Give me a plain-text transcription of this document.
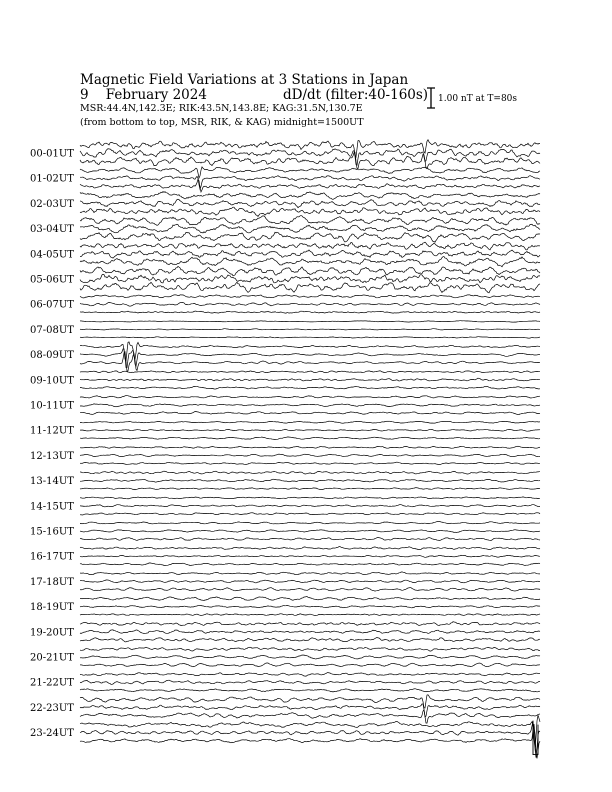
Magnetic Field Variations at 3 Stations in Japan
9 February 2024	dD/dt (filter:40-160s)
MSR:44.4N,142.3E; RIK:43.5N,143.8E; KAG:31.5N,130.7E
(from bottom to top, MSR, RIK, & KAG) midnight=1500UT
1.00 nT at T=80s
00-01UT
01-02UT
02-03UT
03-04UT
04-05UT
05-06UT
06-07UT
07-08UT
08-09UT
09-10UT
10-11UT
11-12UT
12-13UT
13-14UT
14-15UT
15-16UT
16-17UT
17-18UT
18-19UT
19-20UT
20-21UT
21-22UT
22-23UT
23-24UT
